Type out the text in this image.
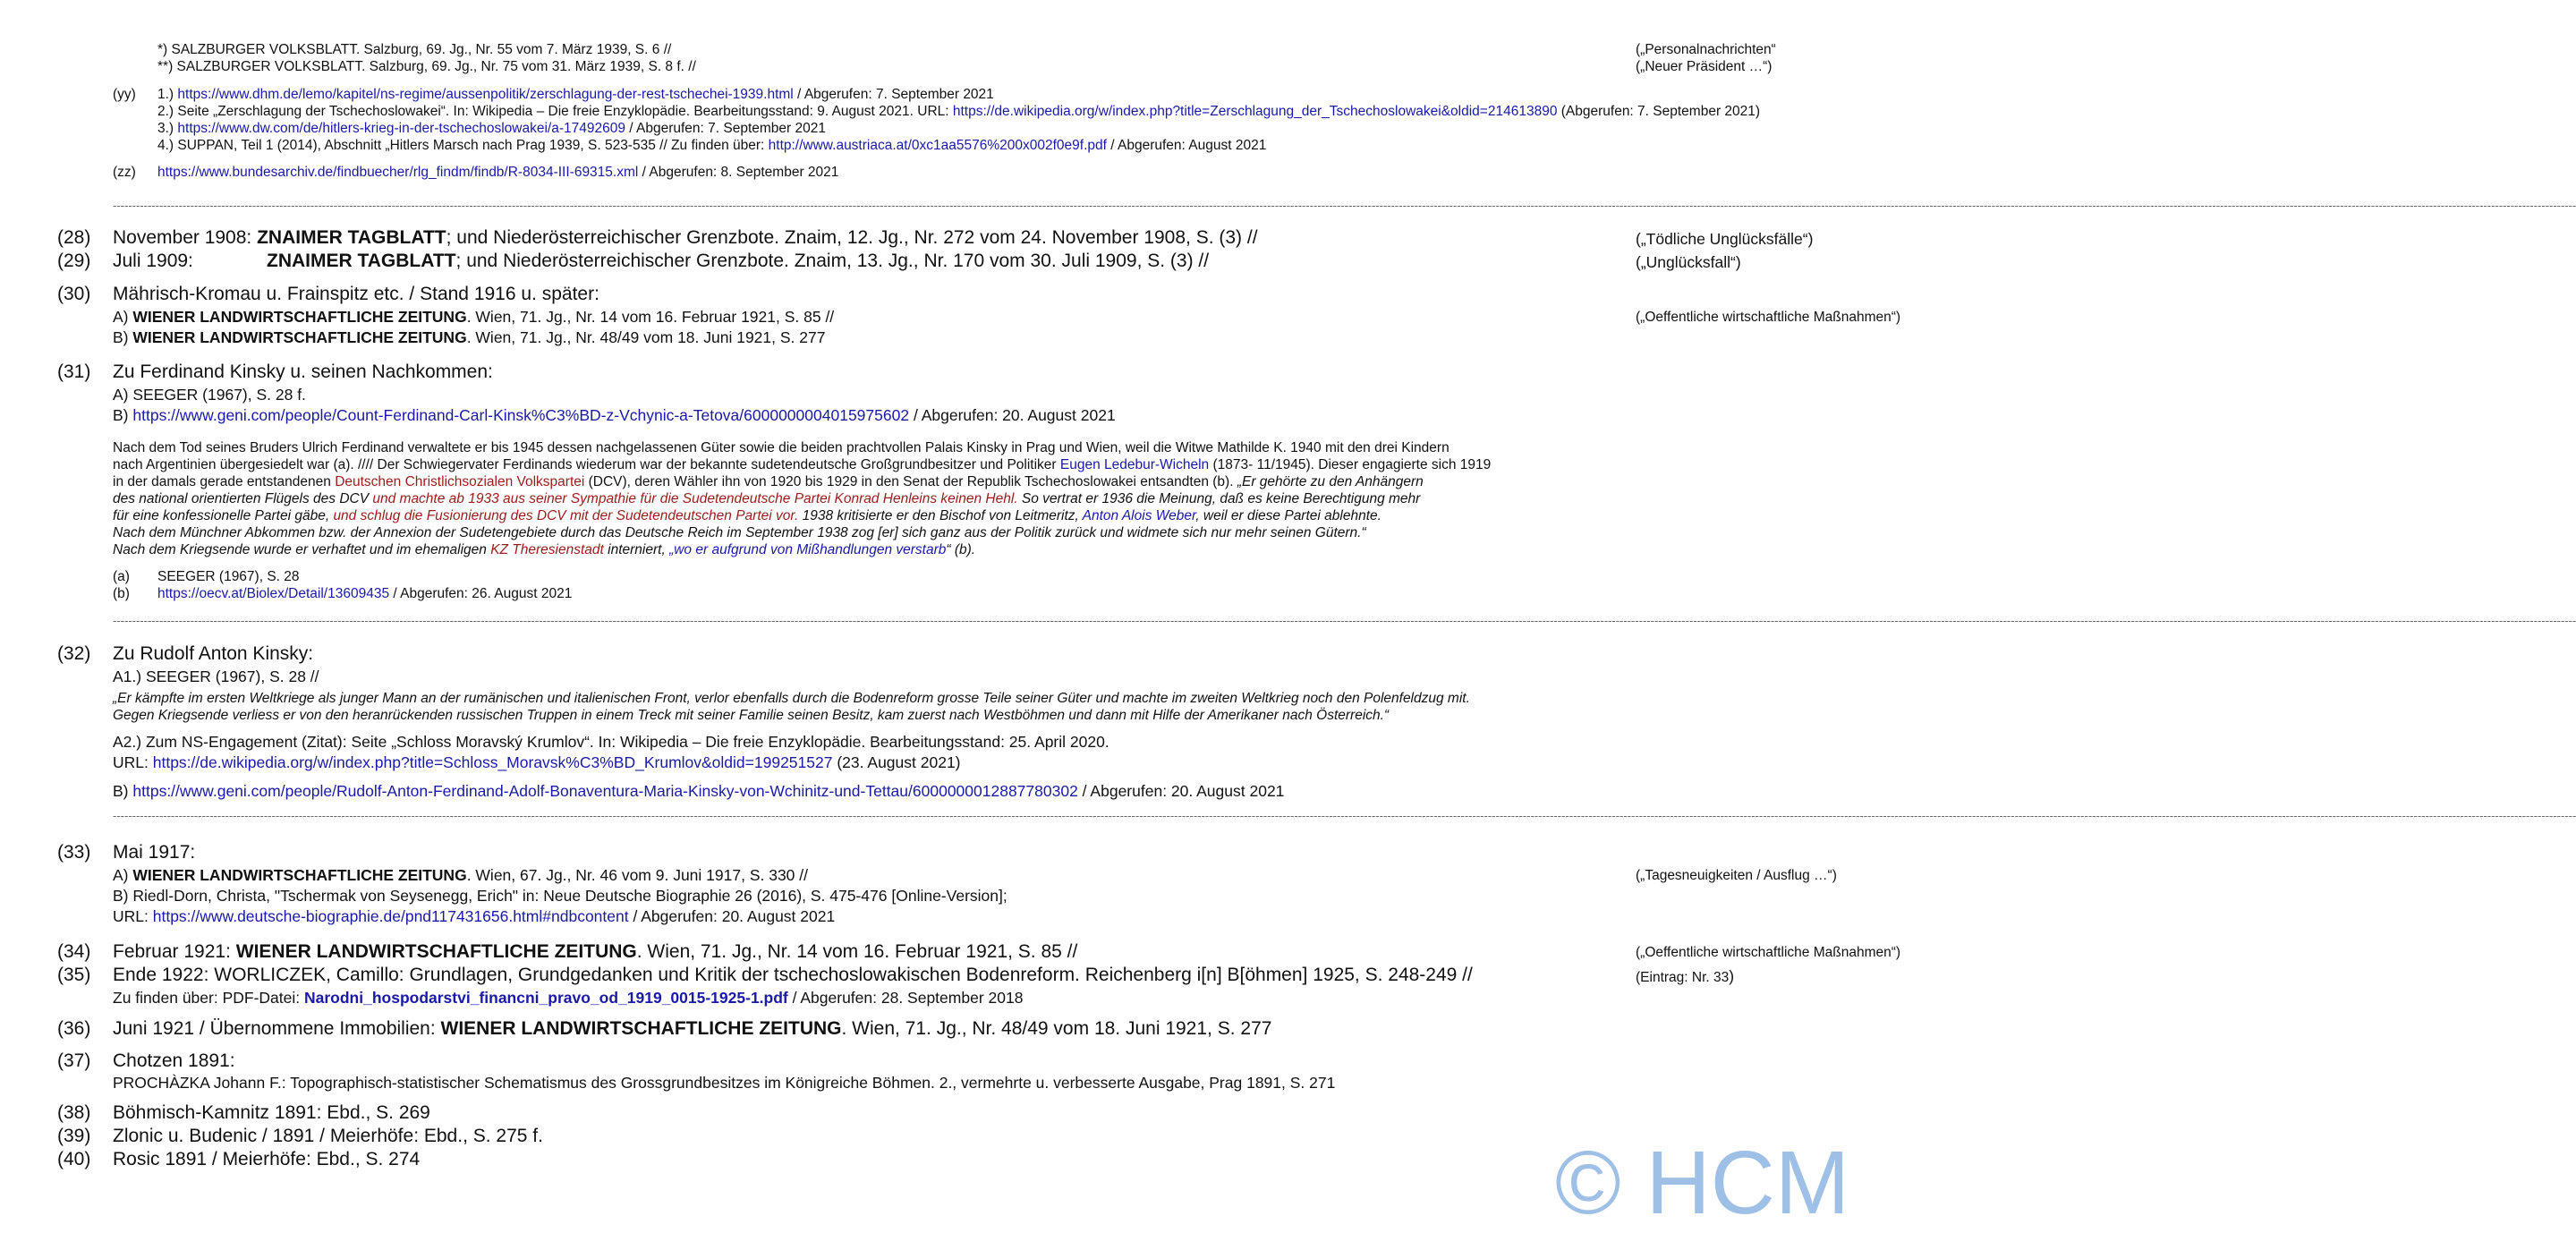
*) SALZBURGER VOLKSBLATT. Salzburg, 69. Jg., Nr. 55 vom 7. März 1939, S. 6 //	(„Personalnachrichten“
**) SALZBURGER VOLKSBLATT. Salzburg, 69. Jg., Nr. 75 vom 31. März 1939, S. 8 f. //	(„Neuer Präsident …“)
(yy) 1.) https://www.dhm.de/lemo/kapitel/ns-regime/aussenpolitik/zerschlagung-der-rest-tschechei-1939.html / Abgerufen: 7. September 2021
2.) Seite „Zerschlagung der Tschechoslowakei“. In: Wikipedia – Die freie Enzyklopädie. Bearbeitungsstand: 9. August 2021. URL: https://de.wikipedia.org/w/index.php?title=Zerschlagung_der_Tschechoslowakei&oldid=214613890 (Abgerufen: 7. September 2021)
3.) https://www.dw.com/de/hitlers-krieg-in-der-tschechoslowakei/a-17492609 / Abgerufen: 7. September 2021
4.) SUPPAN, Teil 1 (2014), Abschnitt „Hitlers Marsch nach Prag 1939, S. 523-535 // Zu finden über: http://www.austriaca.at/0xc1aa5576%200x002f0e9f.pdf / Abgerufen: August 2021
(zz) https://www.bundesarchiv.de/findbuecher/rlg_findm/findb/R-8034-III-69315.xml / Abgerufen: 8. September 2021
------------------------------------------------------------------------------------------------------------------------------------------------------------------------------------------------------------------------------------------------------------------------------------------------------------------------------------------------------------------------------------------------------------------------------------------------------------------------------------------------------------------------------------------------------------------------------------------------------------------------------------------------------------
(28) November 1908: ZNAIMER TAGBLATT; und Niederösterreichischer Grenzbote. Znaim, 12. Jg., Nr. 272 vom 24. November 1908, S. (3) //	(„Tödliche Unglücksfälle“)
(29) Juli 1909:	ZNAIMER TAGBLATT; und Niederösterreichischer Grenzbote. Znaim, 13. Jg., Nr. 170 vom 30. Juli 1909, S. (3) //	(„Unglücksfall“)
(30) Mährisch-Kromau u. Frainspitz etc. / Stand 1916 u. später:
A) WIENER LANDWIRTSCHAFTLICHE ZEITUNG. Wien, 71. Jg., Nr. 14 vom 16. Februar 1921, S. 85 //	(„Oeffentliche wirtschaftliche Maßnahmen“)
B) WIENER LANDWIRTSCHAFTLICHE ZEITUNG. Wien, 71. Jg., Nr. 48/49 vom 18. Juni 1921, S. 277
(31) Zu Ferdinand Kinsky u. seinen Nachkommen:
A) SEEGER (1967), S. 28 f.
B) https://www.geni.com/people/Count-Ferdinand-Carl-Kinsk%C3%BD-z-Vchynic-a-Tetova/6000000004015975602 / Abgerufen: 20. August 2021
Nach dem Tod seines Bruders Ulrich Ferdinand verwaltete er bis 1945 dessen nachgelassenen Güter sowie die beiden prachtvollen Palais Kinsky in Prag und Wien, weil die Witwe Mathilde K. 1940 mit den drei Kindern
nach Argentinien übergesiedelt war (a). //// Der Schwiegervater Ferdinands wiederum war der bekannte sudetendeutsche Großgrundbesitzer und Politiker Eugen Ledebur-Wicheln (1873- 11/1945). Dieser engagierte sich 1919
in der damals gerade entstandenen Deutschen Christlichsozialen Volkspartei (DCV), deren Wähler ihn von 1920 bis 1929 in den Senat der Republik Tschechoslowakei entsandten (b). „Er gehörte zu den Anhängern
des national orientierten Flügels des DCV und machte ab 1933 aus seiner Sympathie für die Sudetendeutsche Partei Konrad Henleins keinen Hehl. So vertrat er 1936 die Meinung, daß es keine Berechtigung mehr
für eine konfessionelle Partei gäbe, und schlug die Fusionierung des DCV mit der Sudetendeutschen Partei vor. 1938 kritisierte er den Bischof von Leitmeritz, Anton Alois Weber, weil er diese Partei ablehnte.
Nach dem Münchner Abkommen bzw. der Annexion der Sudetengebiete durch das Deutsche Reich im September 1938 zog [er] sich ganz aus der Politik zurück und widmete sich nur mehr seinen Gütern.“
Nach dem Kriegsende wurde er verhaftet und im ehemaligen KZ Theresienstadt interniert, „wo er aufgrund von Mißhandlungen verstarb“ (b).
(a) SEEGER (1967), S. 28
(b) https://oecv.at/Biolex/Detail/13609435 / Abgerufen: 26. August 2021
------------------------------------------------------------------------------------------------------------------------------------------------------------------------------------------------------------------------------------------------------------------------------------------------------------------------------------------------------------------------------------------------------------------------------------------------------------------------------------------------------------------------------------------------------------------------------------------------------------------------------------------------------------
(32) Zu Rudolf Anton Kinsky:
A1.) SEEGER (1967), S. 28 //
„Er kämpfte im ersten Weltkriege als junger Mann an der rumänischen und italienischen Front, verlor ebenfalls durch die Bodenreform grosse Teile seiner Güter und machte im zweiten Weltkrieg noch den Polenfeldzug mit.
Gegen Kriegsende verliess er von den heranrückenden russischen Truppen in einem Treck mit seiner Familie seinen Besitz, kam zuerst nach Westböhmen und dann mit Hilfe der Amerikaner nach Österreich.“
A2.) Zum NS-Engagement (Zitat): Seite „Schloss Moravský Krumlov“. In: Wikipedia – Die freie Enzyklopädie. Bearbeitungsstand: 25. April 2020.
URL: https://de.wikipedia.org/w/index.php?title=Schloss_Moravsk%C3%BD_Krumlov&oldid=199251527 (23. August 2021)
B) https://www.geni.com/people/Rudolf-Anton-Ferdinand-Adolf-Bonaventura-Maria-Kinsky-von-Wchinitz-und-Tettau/6000000012887780302 / Abgerufen: 20. August 2021
------------------------------------------------------------------------------------------------------------------------------------------------------------------------------------------------------------------------------------------------------------------------------------------------------------------------------------------------------------------------------------------------------------------------------------------------------------------------------------------------------------------------------------------------------------------------------------------------------------------------------------------------------------
(33) Mai 1917:
A) WIENER LANDWIRTSCHAFTLICHE ZEITUNG. Wien, 67. Jg., Nr. 46 vom 9. Juni 1917, S. 330 //	(„Tagesneuigkeiten / Ausflug …“)
B) Riedl-Dorn, Christa, "Tschermak von Seysenegg, Erich" in: Neue Deutsche Biographie 26 (2016), S. 475-476 [Online-Version];
URL: https://www.deutsche-biographie.de/pnd117431656.html#ndbcontent / Abgerufen: 20. August 2021
(34) Februar 1921: WIENER LANDWIRTSCHAFTLICHE ZEITUNG. Wien, 71. Jg., Nr. 14 vom 16. Februar 1921, S. 85 //	(„Oeffentliche wirtschaftliche Maßnahmen“)
(35) Ende 1922: WORLICZEK, Camillo: Grundlagen, Grundgedanken und Kritik der tschechoslowakischen Bodenreform. Reichenberg i[n] B[öhmen] 1925, S. 248-249 //	(Eintrag: Nr. 33)
Zu finden über: PDF-Datei: Narodni_hospodarstvi_financni_pravo_od_1919_0015-1925-1.pdf / Abgerufen: 28. September 2018
(36) Juni 1921 / Übernommene Immobilien: WIENER LANDWIRTSCHAFTLICHE ZEITUNG. Wien, 71. Jg., Nr. 48/49 vom 18. Juni 1921, S. 277
(37) Chotzen 1891:
PROCHÀZKA Johann F.: Topographisch-statistischer Schematismus des Grossgrundbesitzes im Königreiche Böhmen. 2., vermehrte u. verbesserte Ausgabe, Prag 1891, S. 271
(38) Böhmisch-Kamnitz 1891: Ebd., S. 269
(39) Zlonic u. Budenic / 1891 / Meierhöfe: Ebd., S. 275 f.
(40) Rosic 1891 / Meierhöfe: Ebd., S. 274	© HCM
